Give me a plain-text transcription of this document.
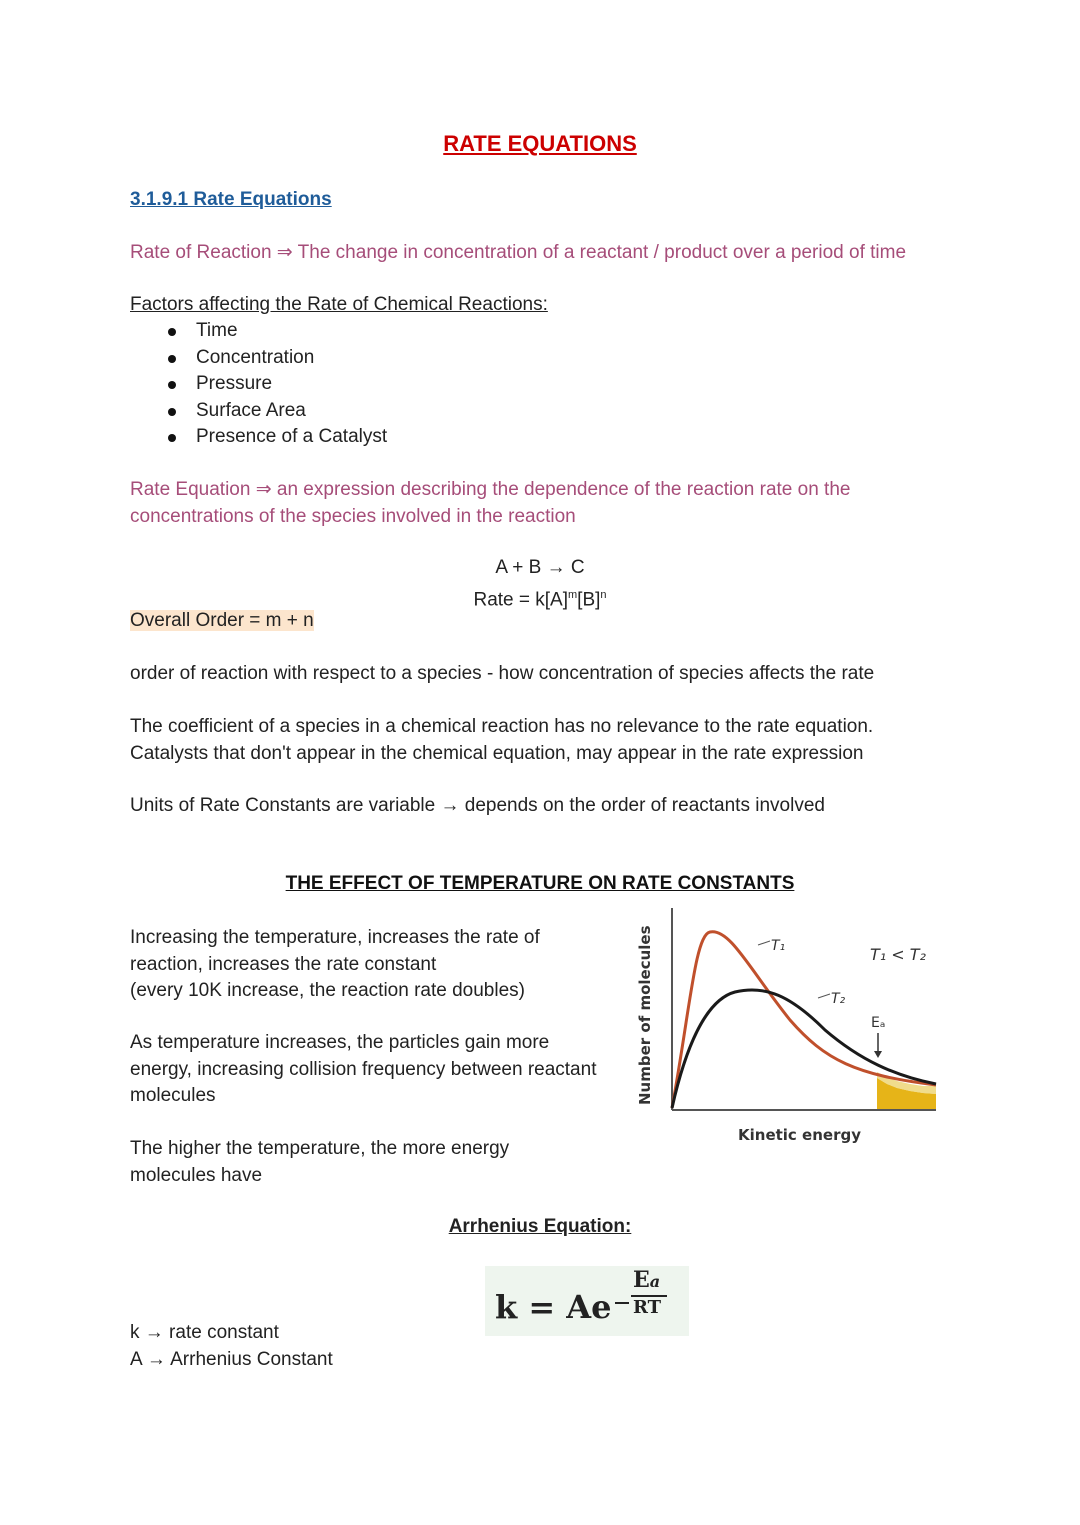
RATE EQUATIONS
3.1.9.1 Rate Equations
Rate of Reaction ⇒ The change in concentration of a reactant / product over a period of time
Factors affecting the Rate of Chemical Reactions:
Time
Concentration
Pressure
Surface Area
Presence of a Catalyst
Rate Equation ⇒ an expression describing the dependence of the reaction rate on the
concentrations of the species involved in the reaction
A + B → C
Rate = $k[A]^m[B]^n$
Overall Order = m + n
order of reaction with respect to a species - how concentration of species affects the rate
The coefficient of a species in a chemical reaction has no relevance to the rate equation.
Catalysts that don't appear in the chemical equation, may appear in the rate expression
Units of Rate Constants are variable → depends on the order of reactants involved
THE EFFECT OF TEMPERATURE ON RATE CONSTANTS
Increasing the temperature, increases the rate of
reaction, increases the rate constant
(every 10K increase, the reaction rate doubles)
As temperature increases, the particles gain more
energy, increasing collision frequency between reactant
molecules
The higher the temperature, the more energy
molecules have
T₁
T₂
T₁ < T₂
Eₐ
Number of molecules
Kinetic energy
Arrhenius Equation:
k = Ae
Ea
RT
k → rate constant
A → Arrhenius Constant
